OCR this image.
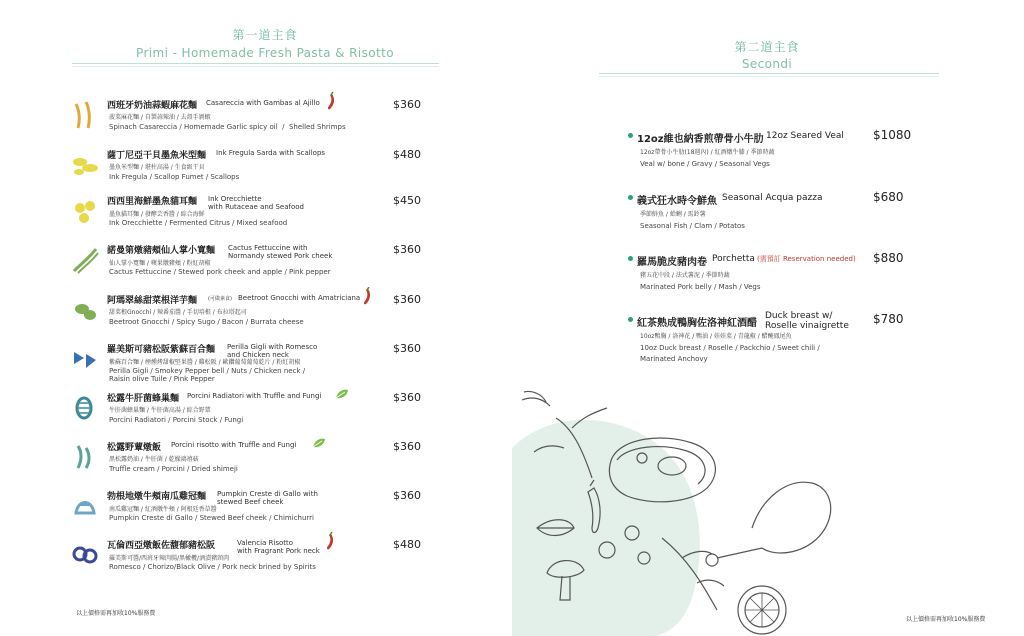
第一道主食
Primi - Homemade Fresh Pasta & Risotto
西班牙奶油蒜蝦麻花麵 Casareccia with Gambas al Ajillo	$360
菠菜麻花麵 / 自製蒜辣油 / 去殼手剝蝦
Spinach Casareccia / Homemade Garlic spicy oil  /  Shelled Shrimps
薩丁尼亞干貝墨魚米型麵 Ink Fregula Sarda with Scallops	$480
墨魚米型麵 / 堪柱高湯 / 生食級干貝
Ink Fregula / Scallop Fumet / Scallops
西西里海鮮墨魚貓耳麵 Ink Orecchiette
with Rutaceae and Seafood	$450
墨魚貓耳麵 / 發酵芸香醬 / 綜合海鮮
Ink Orecchiette / Fermented Citrus / Mixed seafood
諾曼第燉豬頰仙人掌小寬麵 Cactus Fettuccine with
Normandy stewed Pork cheek	$360
仙人掌小寬麵 / 蘋果燉豬頰 / 粉紅胡椒
Cactus Fettuccine / Stewed pork cheek and apple / Pink pepper
阿瑪翠絲甜菜根洋芋麵 (可做素食) Beetroot Gnocchi with Amatriciana	$360
甜菜根Gnocchi / 辣番茄醬 / 手切培根 / 布拉塔起司
Beetroot Gnocchi / Spicy Sugo / Bacon / Burrata cheese
羅美斯可豬松阪紫蘇百合麵 Perilla Gigli with Romesco
and Chicken neck	$360
紫蘇百合麵 / 煙燻烤甜椒堅果醬 / 雞松阪 / 歐鑽葡萄葡萄乾片 / 粉紅胡椒
Perilla Gigli / Smokey Pepper bell / Nuts / Chicken neck /
Raisin olive Tuile / Pink Pepper
松露牛肝菌蜂巢麵 Porcini Radiatori with Truffle and Fungi	$360
牛肝菌蜂巢麵 / 牛肝菌高湯 / 綜合野蕈
Porcini Radiatori / Porcini Stock / Fungi
松露野蕈燉飯 Porcini risotto with Truffle and Fungi	$360
黑松露奶油 / 牛肝菌 / 乾燥鴻禧菇
Truffle cream / Porcini / Dried shimeji
勃根地燉牛頰南瓜雞冠麵 Pumpkin Creste di Gallo with
stewed Beef cheek	$360
南瓜雞冠麵 / 紅酒燉牛頰 / 阿根廷香草醬
Pumpkin Creste di Gallo / Stewed Beef cheek / Chimichurri
瓦倫西亞燉飯佐馥郁豬松阪	Valencia Risotto
with Fragrant Pork neck	$480
羅美斯可醬/西班牙辣肉腸/黑橄欖/酒漬豬頸肉
Romesco / Chorizo/Black Olive / Pork neck brined by Spirits
以上價格需再加收10%服務費
第二道主食
Secondi
12oz維也納香煎帶骨小牛肋 12oz Seared Veal $1080
12oz帶骨小牛肋(18週內) / 紅酒燉牛膝 / 季節時蔬
Veal w/ bone / Gravy / Seasonal Vegs
義式狂水時令鮮魚 Seasonal Acqua pazza	$680
季節鮮魚 / 蛤蜊 / 馬鈴薯
Seasonal Fish / Clam / Potatos
羅馬脆皮豬肉卷 Porchetta (需預訂 Reservation needed) $880
豬五花中段 / 法式薯泥 / 季節時蔬
Marinated Pork belly / Mash / Vegs
紅茶熟成鴨胸佐洛神紅酒醋
Duck breast w/
Roselle vinaigrette $780
10oz鴨胸 / 洛神花 / 鴨油 / 娃娃菜 / 青龍椒 / 醋醃鳳尾魚
10oz Duck breast / Roselle / Packchio / Sweet chili /
Marinated Anchovy
以上價格需再加收10%服務費
